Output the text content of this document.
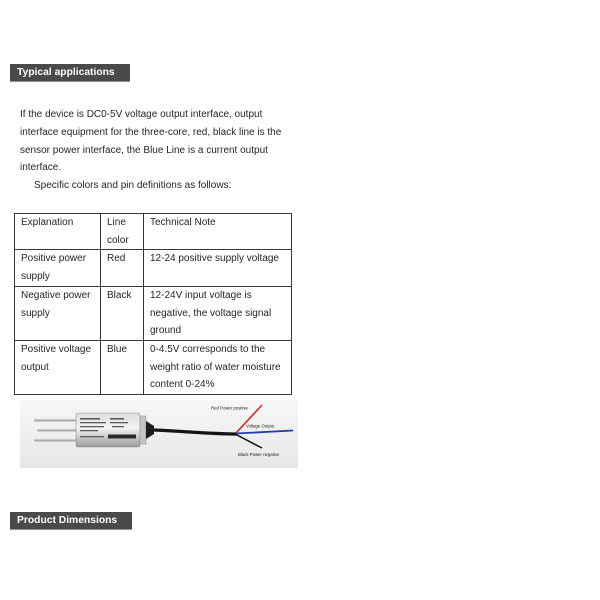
Typical applications
If the device is DC0-5V voltage output interface, output
interface equipment for the three-core, red, black line is the
sensor power interface, the Blue Line is a current output
interface.
Specific colors and pin definitions as follows:
Explanation	Line color	Technical Note
Positive power supply	Red	12-24 positive supply voltage
Negative power supply	Black	12-24V input voltage is negative, the voltage signal ground
Positive voltage output	Blue	0-4.5V corresponds to the weight ratio of water moisture content 0-24%
Red Power positive
Voltage Output
Black Power negative
Product Dimensions
